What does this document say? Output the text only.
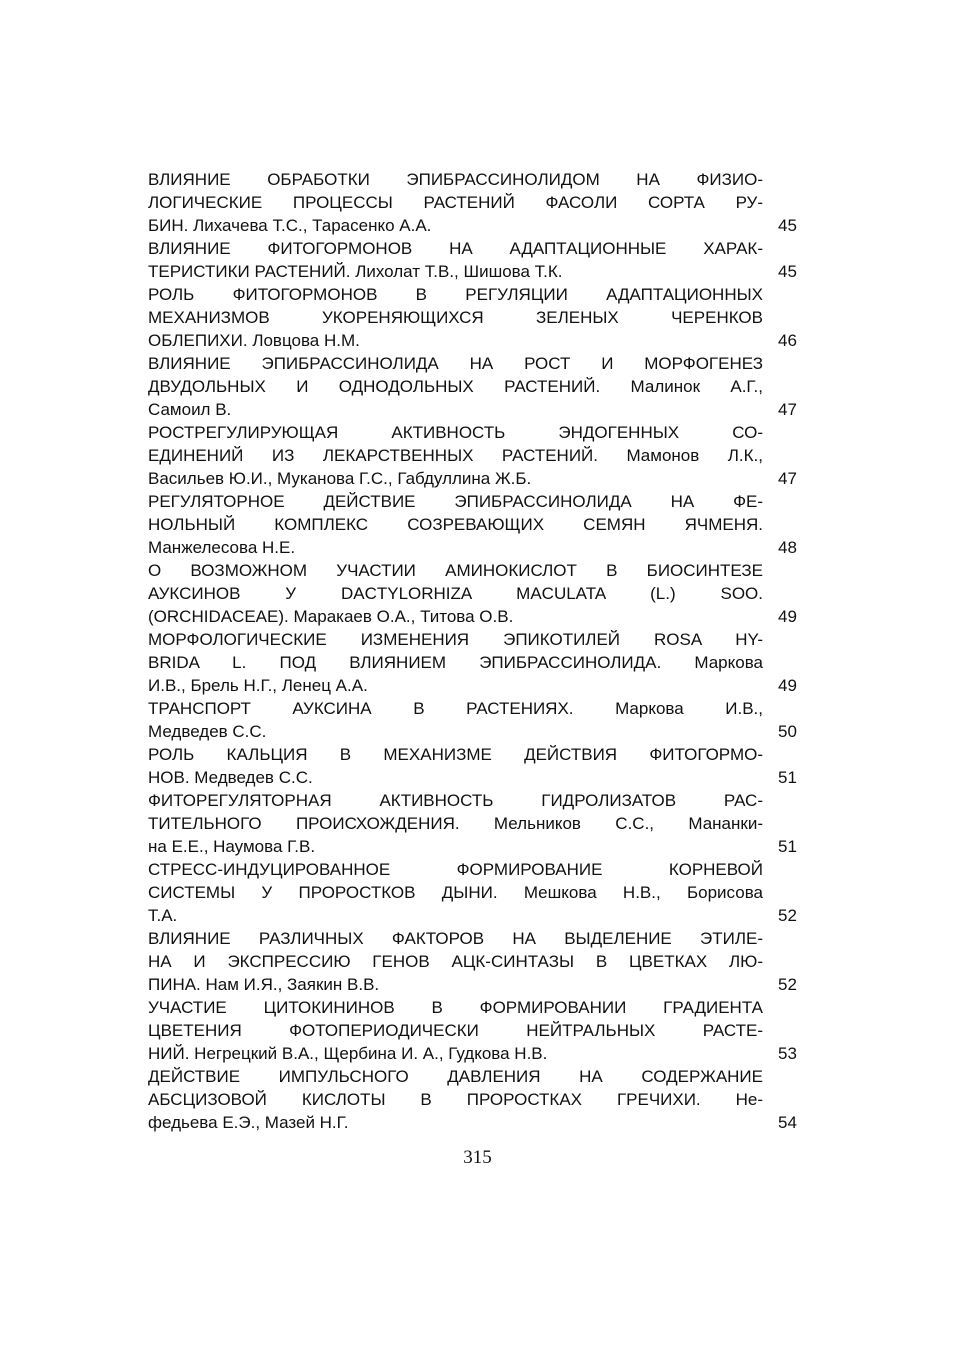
ВЛИЯНИЕ ОБРАБОТКИ ЭПИБРАССИНОЛИДОМ НА ФИЗИО-
ЛОГИЧЕСКИЕ ПРОЦЕССЫ РАСТЕНИЙ ФАСОЛИ СОРТА РУ-
БИН. Лихачева Т.С., Тарасенко А.А.	45
ВЛИЯНИЕ ФИТОГОРМОНОВ НА АДАПТАЦИОННЫЕ ХАРАК-
ТЕРИСТИКИ РАСТЕНИЙ. Лихолат Т.В., Шишова Т.К.	45
РОЛЬ ФИТОГОРМОНОВ В РЕГУЛЯЦИИ АДАПТАЦИОННЫХ
МЕХАНИЗМОВ УКОРЕНЯЮЩИХСЯ ЗЕЛЕНЫХ ЧЕРЕНКОВ
ОБЛЕПИХИ. Ловцова Н.М.	46
ВЛИЯНИЕ ЭПИБРАССИНОЛИДА НА РОСТ И МОРФОГЕНЕЗ
ДВУДОЛЬНЫХ И ОДНОДОЛЬНЫХ РАСТЕНИЙ. Малинок А.Г.,
Самоил В.	47
РОСТРЕГУЛИРУЮЩАЯ АКТИВНОСТЬ ЭНДОГЕННЫХ СО-
ЕДИНЕНИЙ ИЗ ЛЕКАРСТВЕННЫХ РАСТЕНИЙ. Мамонов Л.К.,
Васильев Ю.И., Муканова Г.С., Габдуллина Ж.Б.	47
РЕГУЛЯТОРНОЕ ДЕЙСТВИЕ ЭПИБРАССИНОЛИДА НА ФЕ-
НОЛЬНЫЙ КОМПЛЕКС СОЗРЕВАЮЩИХ СЕМЯН ЯЧМЕНЯ.
Манжелесова Н.Е.	48
О ВОЗМОЖНОМ УЧАСТИИ АМИНОКИСЛОТ В БИОСИНТЕЗЕ
АУКСИНОВ У DACTYLORHIZA MACULATA (L.) SOO.
(ORCHIDACEAE). Маракаев О.А., Титова О.В.	49
МОРФОЛОГИЧЕСКИЕ ИЗМЕНЕНИЯ ЭПИКОТИЛЕЙ ROSA HY-
BRIDA L. ПОД ВЛИЯНИЕМ ЭПИБРАССИНОЛИДА. Маркова
И.В., Брель Н.Г., Ленец А.А.	49
ТРАНСПОРТ АУКСИНА В РАСТЕНИЯХ. Маркова И.В.,
Медведев С.С.	50
РОЛЬ КАЛЬЦИЯ В МЕХАНИЗМЕ ДЕЙСТВИЯ ФИТОГОРМО-
НОВ. Медведев С.С.	51
ФИТОРЕГУЛЯТОРНАЯ АКТИВНОСТЬ ГИДРОЛИЗАТОВ РАС-
ТИТЕЛЬНОГО ПРОИСХОЖДЕНИЯ. Мельников С.С., Мананки-
на Е.Е., Наумова Г.В.	51
СТРЕСС-ИНДУЦИРОВАННОЕ ФОРМИРОВАНИЕ КОРНЕВОЙ
СИСТЕМЫ У ПРОРОСТКОВ ДЫНИ. Мешкова Н.В., Борисова
Т.А.	52
ВЛИЯНИЕ РАЗЛИЧНЫХ ФАКТОРОВ НА ВЫДЕЛЕНИЕ ЭТИЛЕ-
НА И ЭКСПРЕССИЮ ГЕНОВ АЦК-СИНТАЗЫ В ЦВЕТКАХ ЛЮ-
ПИНА. Нам И.Я., Заякин В.В.	52
УЧАСТИЕ ЦИТОКИНИНОВ В ФОРМИРОВАНИИ ГРАДИЕНТА
ЦВЕТЕНИЯ ФОТОПЕРИОДИЧЕСКИ НЕЙТРАЛЬНЫХ РАСТЕ-
НИЙ. Негрецкий В.А., Щербина И. А., Гудкова Н.В.	53
ДЕЙСТВИЕ ИМПУЛЬСНОГО ДАВЛЕНИЯ НА СОДЕРЖАНИЕ
АБСЦИЗОВОЙ КИСЛОТЫ В ПРОРОСТКАХ ГРЕЧИХИ. Не-
федьева Е.Э., Мазей Н.Г.	54
315
